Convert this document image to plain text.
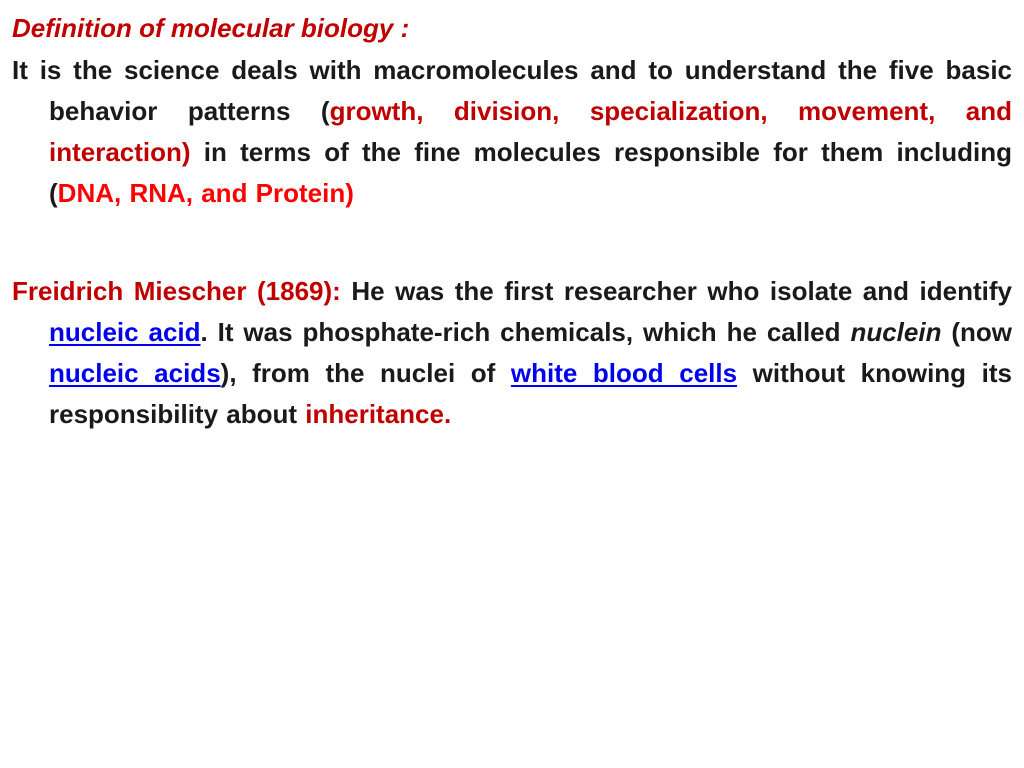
Definition of molecular biology :

It is the science deals with macromolecules and to understand the five basic behavior patterns (growth, division, specialization, movement, and interaction) in terms of the fine molecules responsible for them including (DNA, RNA, and Protein)

Freidrich Miescher (1869): He was the first researcher who isolate and identify nucleic acid. It was phosphate-rich chemicals, which he called nuclein (now nucleic acids), from the nuclei of white blood cells without knowing its responsibility about inheritance.
